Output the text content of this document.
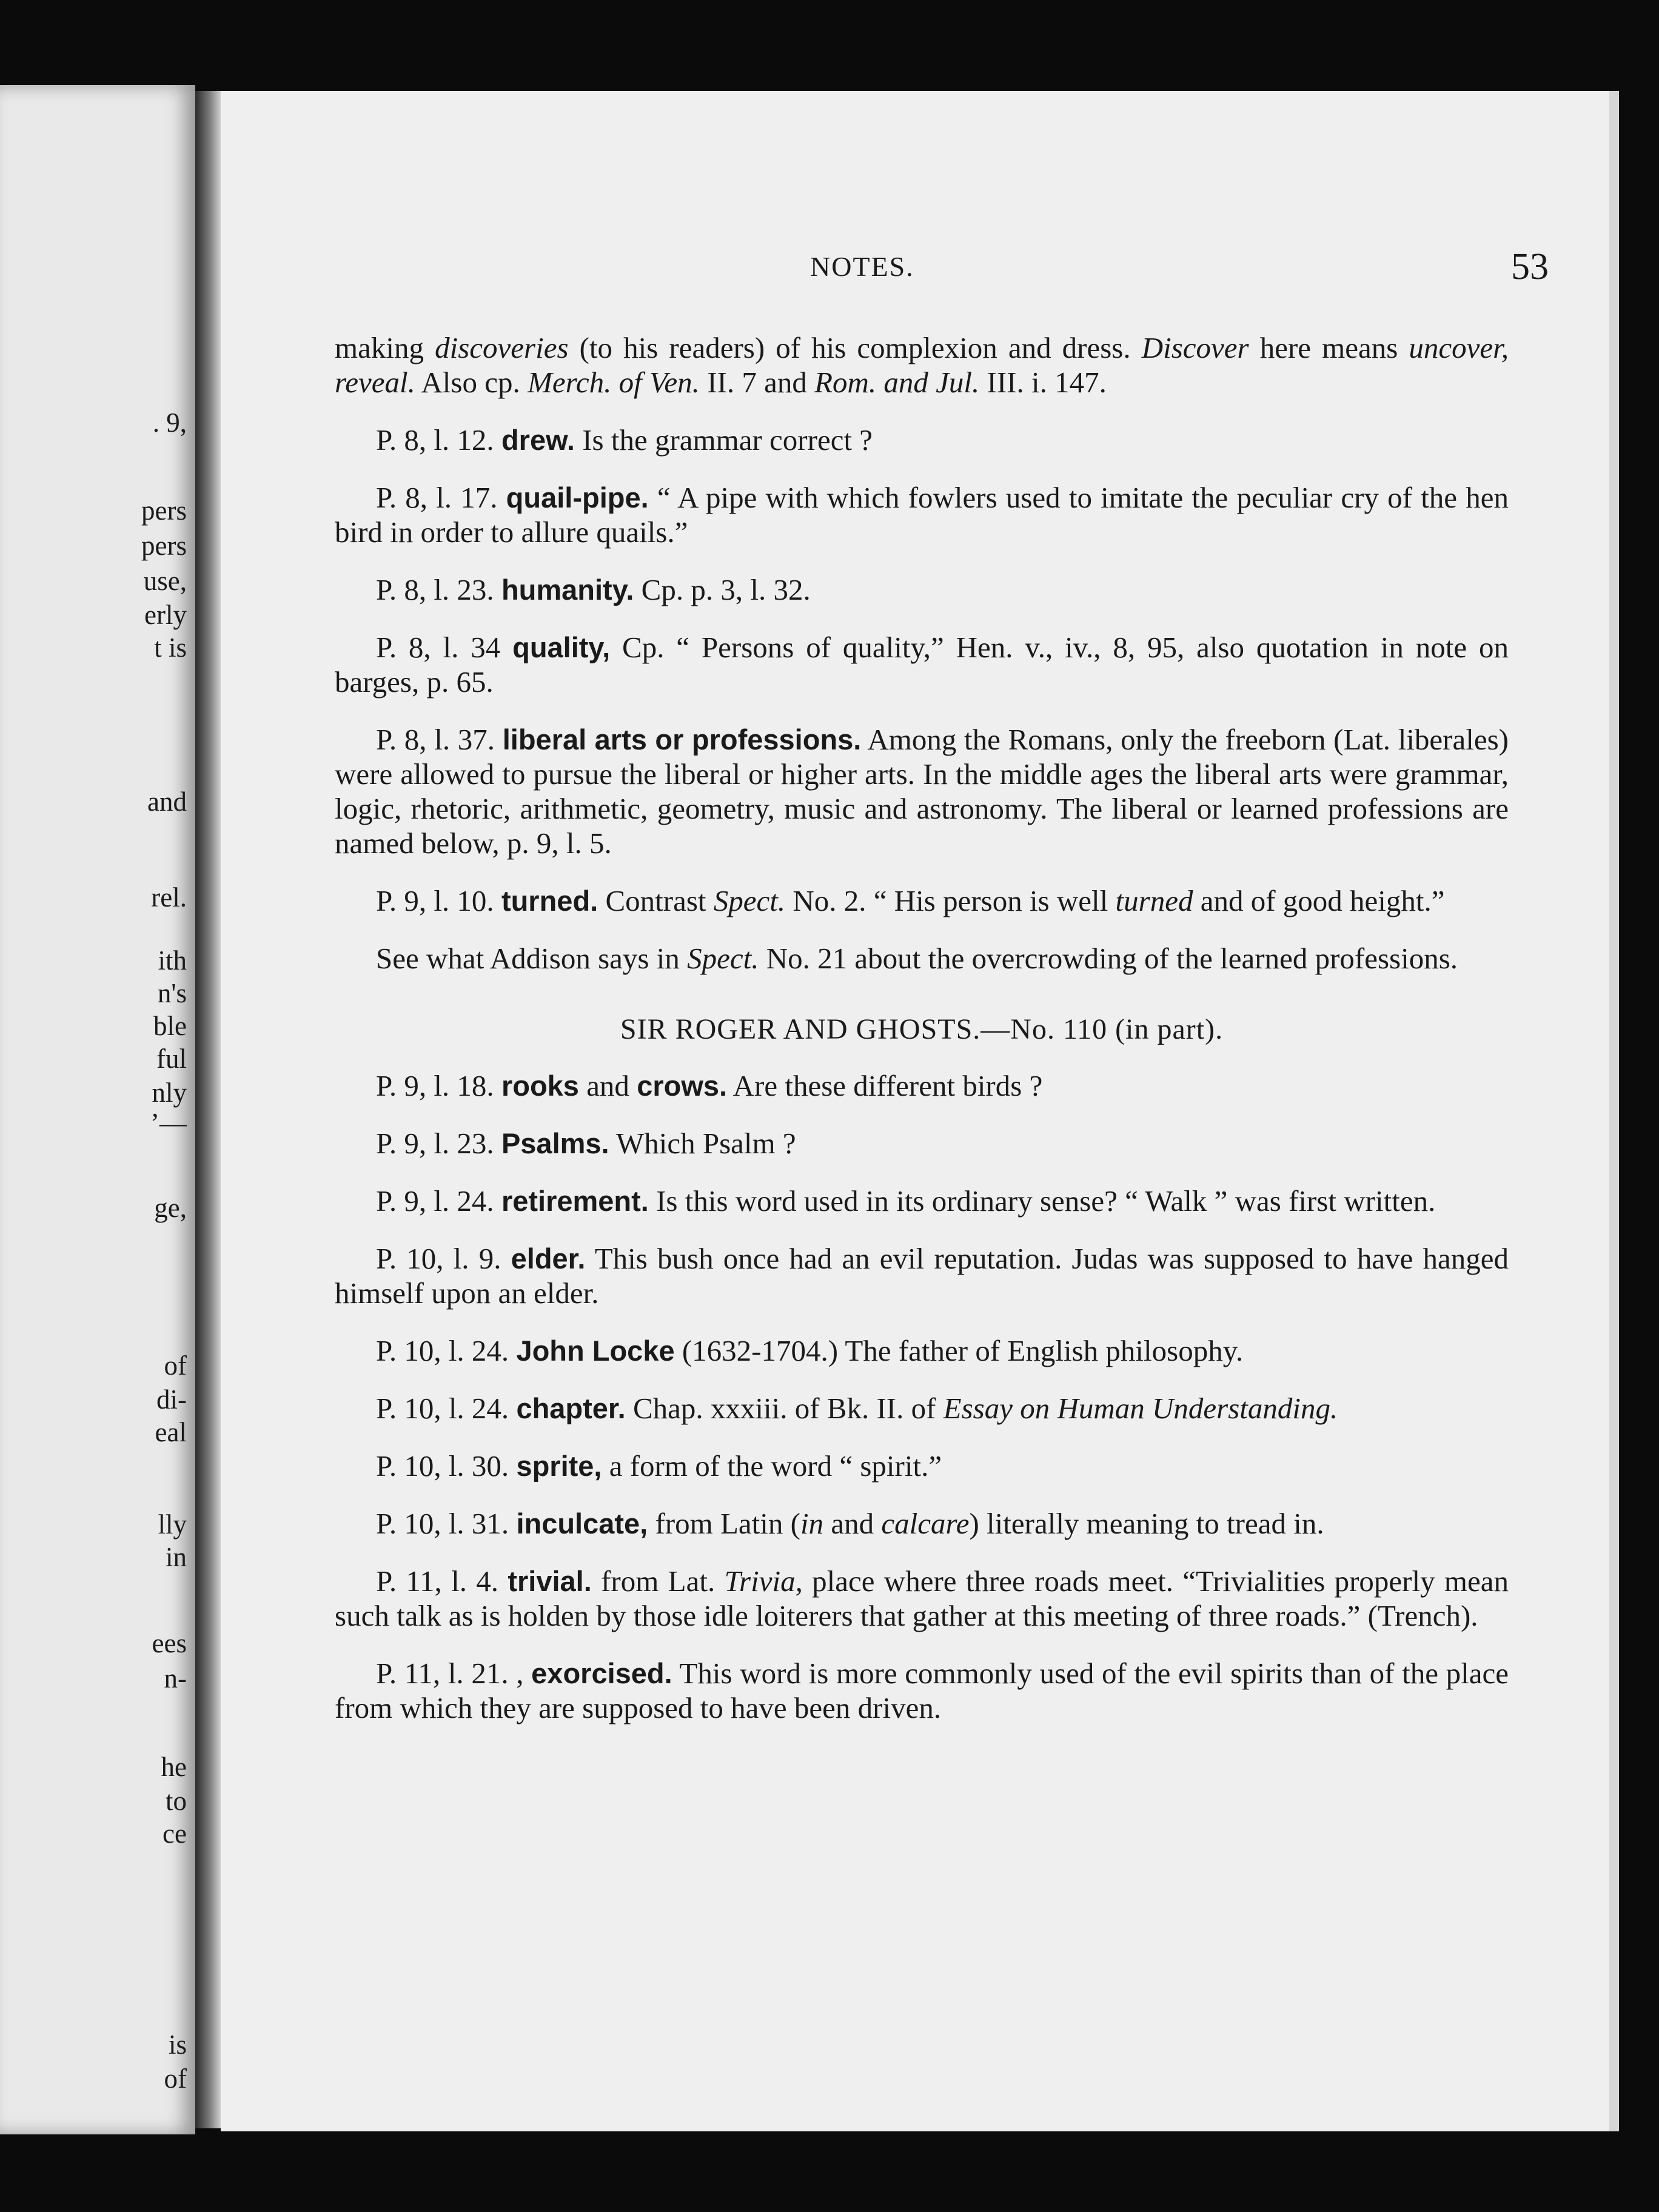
. 9,
pers
pers
use,
erly
t is
and
rel.
ith
n's
ble
ful
nly
’—
ge,
of
di-
eal
lly
in
ees
n-
he
to
ce
is
of
NOTES.	53

making discoveries (to his readers) of his complexion and dress. Discover here means uncover, reveal. Also cp. Merch. of Ven. II. 7 and Rom. and Jul. III. i. 147.

P. 8, l. 12. drew. Is the grammar correct ?

P. 8, l. 17. quail-pipe. “ A pipe with which fowlers used to imitate the peculiar cry of the hen bird in order to allure quails.”

P. 8, l. 23. humanity. Cp. p. 3, l. 32.

P. 8, l. 34 quality, Cp. “ Persons of quality,” Hen. v., iv., 8, 95, also quotation in note on barges, p. 65.

P. 8, l. 37. liberal arts or professions. Among the Romans, only the freeborn (Lat. liberales) were allowed to pursue the liberal or higher arts. In the middle ages the liberal arts were grammar, logic, rhetoric, arithmetic, geometry, music and astronomy. The liberal or learned professions are named below, p. 9, l. 5.

P. 9, l. 10. turned. Contrast Spect. No. 2. “ His person is well turned and of good height.”

See what Addison says in Spect. No. 21 about the overcrowding of the learned professions.

SIR ROGER AND GHOSTS.—No. 110 (in part).

P. 9, l. 18. rooks and crows. Are these different birds ?

P. 9, l. 23. Psalms. Which Psalm ?

P. 9, l. 24. retirement. Is this word used in its ordinary sense? “ Walk ” was first written.

P. 10, l. 9. elder. This bush once had an evil reputation. Judas was supposed to have hanged himself upon an elder.

P. 10, l. 24. John Locke (1632-1704.) The father of English philosophy.

P. 10, l. 24. chapter. Chap. xxxiii. of Bk. II. of Essay on Human Understanding.

P. 10, l. 30. sprite, a form of the word “ spirit.”

P. 10, l. 31. inculcate, from Latin (in and calcare) literally meaning to tread in.

P. 11, l. 4. trivial. from Lat. Trivia, place where three roads meet. “Trivialities properly mean such talk as is holden by those idle loiterers that gather at this meeting of three roads.” (Trench).

P. 11, l. 21. , exorcised. This word is more commonly used of the evil spirits than of the place from which they are supposed to have been driven.
